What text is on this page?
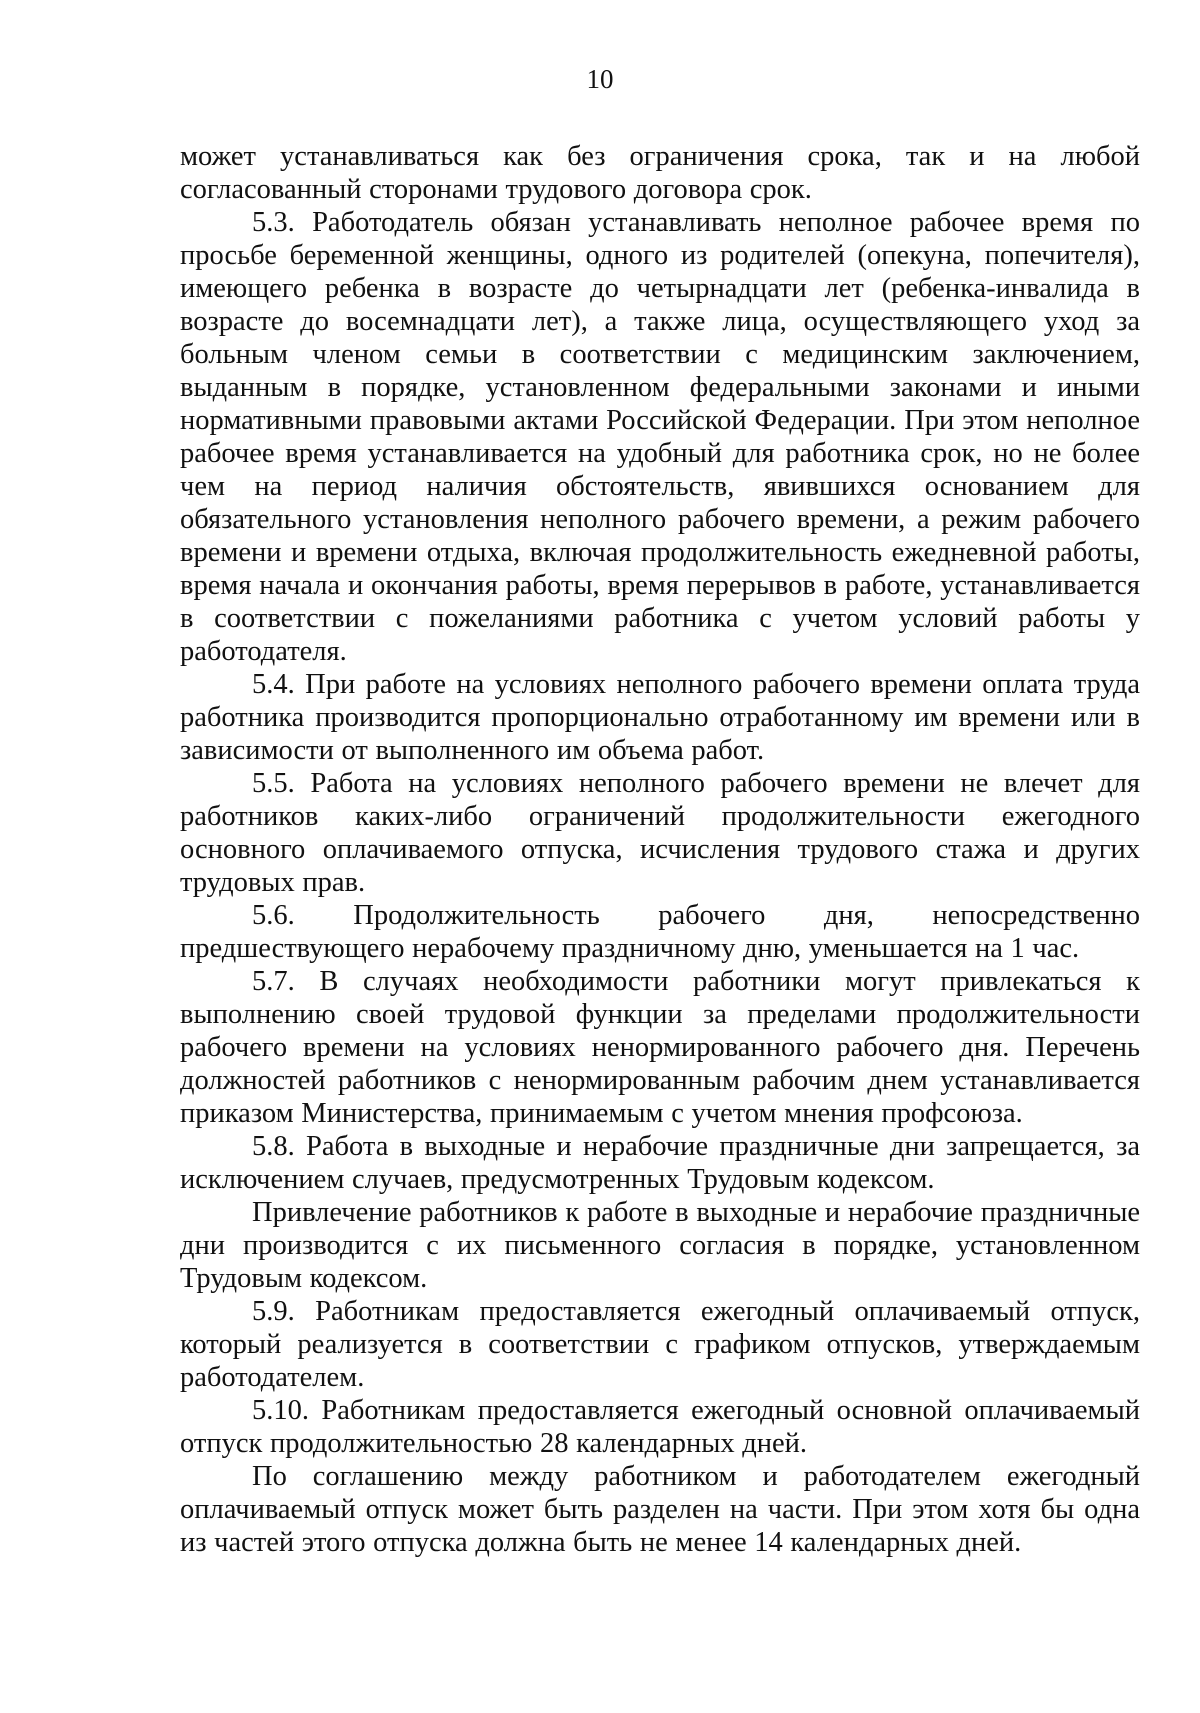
10

может устанавливаться как без ограничения срока, так и на любой согласованный сторонами трудового договора срок.

5.3. Работодатель обязан устанавливать неполное рабочее время по просьбе беременной женщины, одного из родителей (опекуна, попечителя), имеющего ребенка в возрасте до четырнадцати лет (ребенка-инвалида в возрасте до восемнадцати лет), а также лица, осуществляющего уход за больным членом семьи в соответствии с медицинским заключением, выданным в порядке, установленном федеральными законами и иными нормативными правовыми актами Российской Федерации. При этом неполное рабочее время устанавливается на удобный для работника срок, но не более чем на период наличия обстоятельств, явившихся основанием для обязательного установления неполного рабочего времени, а режим рабочего времени и времени отдыха, включая продолжительность ежедневной работы, время начала и окончания работы, время перерывов в работе, устанавливается в соответствии с пожеланиями работника с учетом условий работы у работодателя.

5.4. При работе на условиях неполного рабочего времени оплата труда работника производится пропорционально отработанному им времени или в зависимости от выполненного им объема работ.

5.5. Работа на условиях неполного рабочего времени не влечет для работников каких-либо ограничений продолжительности ежегодного основного оплачиваемого отпуска, исчисления трудового стажа и других трудовых прав.

5.6. Продолжительность рабочего дня, непосредственно предшествующего нерабочему праздничному дню, уменьшается на 1 час.

5.7. В случаях необходимости работники могут привлекаться к выполнению своей трудовой функции за пределами продолжительности рабочего времени на условиях ненормированного рабочего дня. Перечень должностей работников с ненормированным рабочим днем устанавливается приказом Министерства, принимаемым с учетом мнения профсоюза.

5.8. Работа в выходные и нерабочие праздничные дни запрещается, за исключением случаев, предусмотренных Трудовым кодексом.

Привлечение работников к работе в выходные и нерабочие праздничные дни производится с их письменного согласия в порядке, установленном Трудовым кодексом.

5.9. Работникам предоставляется ежегодный оплачиваемый отпуск, который реализуется в соответствии с графиком отпусков, утверждаемым работодателем.

5.10. Работникам предоставляется ежегодный основной оплачиваемый отпуск продолжительностью 28 календарных дней.

По соглашению между работником и работодателем ежегодный оплачиваемый отпуск может быть разделен на части. При этом хотя бы одна из частей этого отпуска должна быть не менее 14 календарных дней.
